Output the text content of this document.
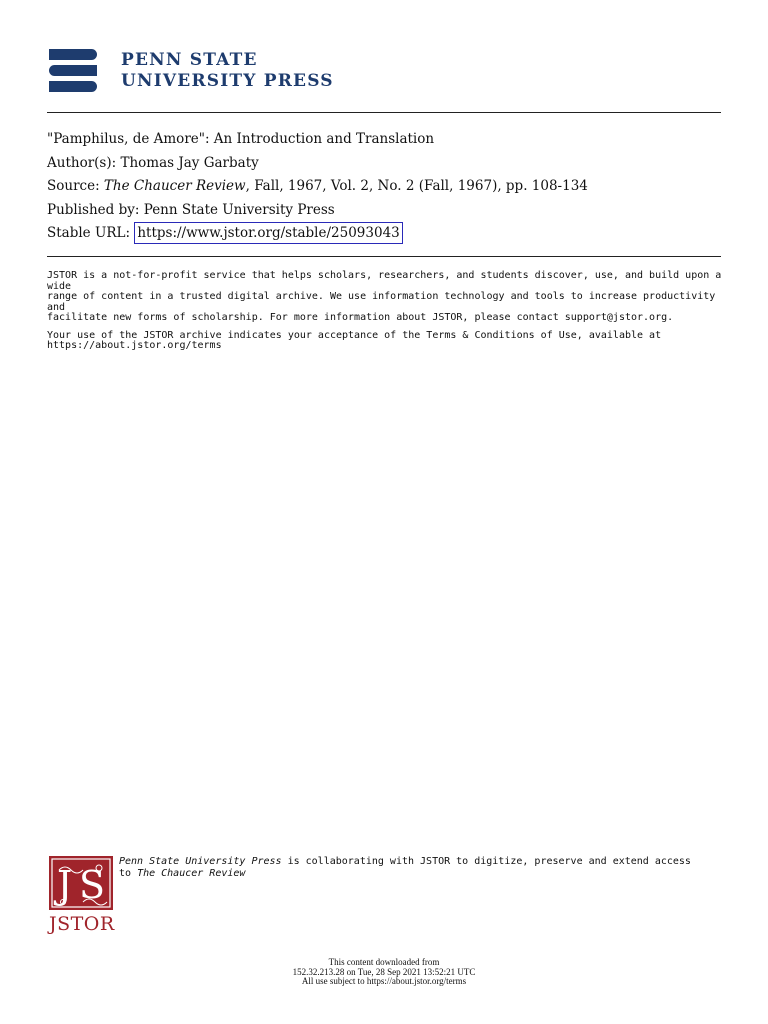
PENN STATE
UNIVERSITY PRESS
"Pamphilus, de Amore": An Introduction and Translation
Author(s): Thomas Jay Garbaty
Source: The Chaucer Review, Fall, 1967, Vol. 2, No. 2 (Fall, 1967), pp. 108-134
Published by: Penn State University Press
Stable URL: https://www.jstor.org/stable/25093043

JSTOR is a not-for-profit service that helps scholars, researchers, and students discover, use, and build upon a wide
range of content in a trusted digital archive. We use information technology and tools to increase productivity and
facilitate new forms of scholarship. For more information about JSTOR, please contact support@jstor.org.

Your use of the JSTOR archive indicates your acceptance of the Terms & Conditions of Use, available at
https://about.jstor.org/terms

J S
JSTOR
Penn State University Press is collaborating with JSTOR to digitize, preserve and extend access
to The Chaucer Review
This content downloaded from
152.32.213.28 on Tue, 28 Sep 2021 13:52:21 UTC
All use subject to https://about.jstor.org/terms
